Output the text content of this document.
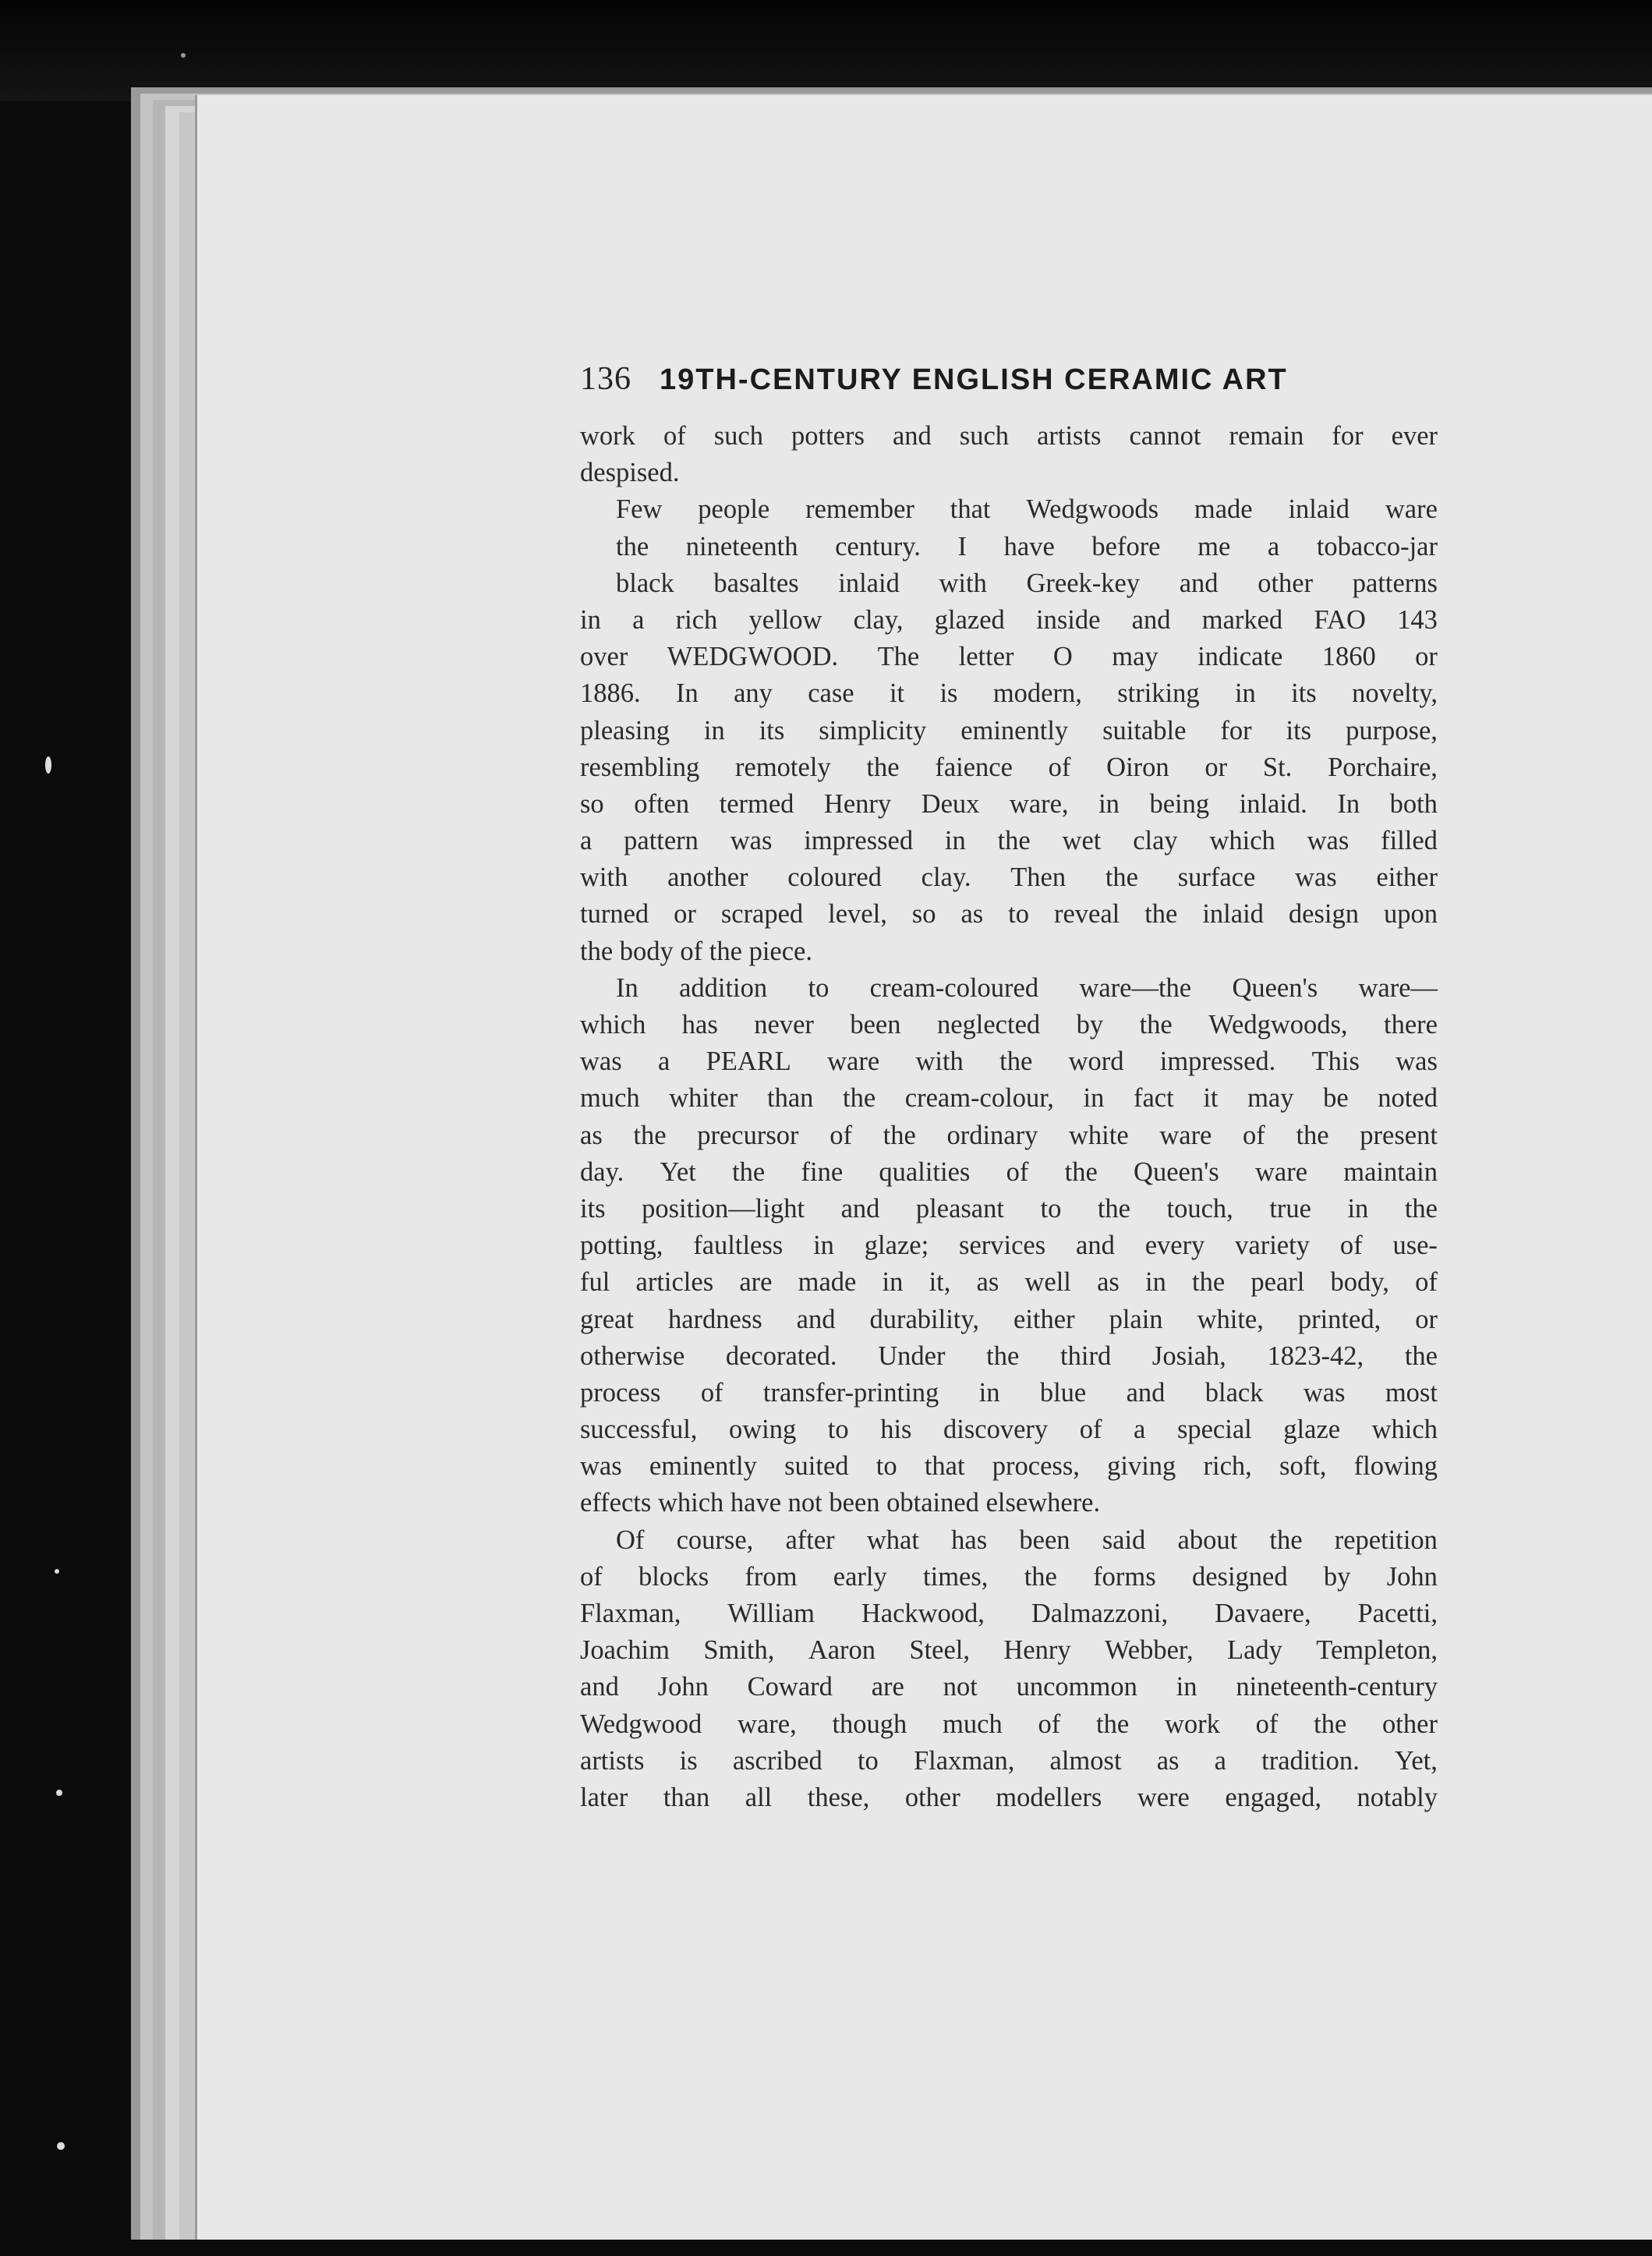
136 19TH-CENTURY ENGLISH CERAMIC ART
work of such potters and such artists cannot remain for ever
despised.
Few people remember that Wedgwoods made inlaid ware
the nineteenth century. I have before me a tobacco-jar
black basaltes inlaid with Greek-key and other patterns
in a rich yellow clay, glazed inside and marked FAO 143
over WEDGWOOD. The letter O may indicate 1860 or
1886. In any case it is modern, striking in its novelty,
pleasing in its simplicity eminently suitable for its purpose,
resembling remotely the faience of Oiron or St. Porchaire,
so often termed Henry Deux ware, in being inlaid. In both
a pattern was impressed in the wet clay which was filled
with another coloured clay. Then the surface was either
turned or scraped level, so as to reveal the inlaid design upon
the body of the piece.
In addition to cream-coloured ware—the Queen's ware—
which has never been neglected by the Wedgwoods, there
was a PEARL ware with the word impressed. This was
much whiter than the cream-colour, in fact it may be noted
as the precursor of the ordinary white ware of the present
day. Yet the fine qualities of the Queen's ware maintain
its position—light and pleasant to the touch, true in the
potting, faultless in glaze; services and every variety of use-
ful articles are made in it, as well as in the pearl body, of
great hardness and durability, either plain white, printed, or
otherwise decorated. Under the third Josiah, 1823-42, the
process of transfer-printing in blue and black was most
successful, owing to his discovery of a special glaze which
was eminently suited to that process, giving rich, soft, flowing
effects which have not been obtained elsewhere.
Of course, after what has been said about the repetition
of blocks from early times, the forms designed by John
Flaxman, William Hackwood, Dalmazzoni, Davaere, Pacetti,
Joachim Smith, Aaron Steel, Henry Webber, Lady Templeton,
and John Coward are not uncommon in nineteenth-century
Wedgwood ware, though much of the work of the other
artists is ascribed to Flaxman, almost as a tradition. Yet,
later than all these, other modellers were engaged, notably
